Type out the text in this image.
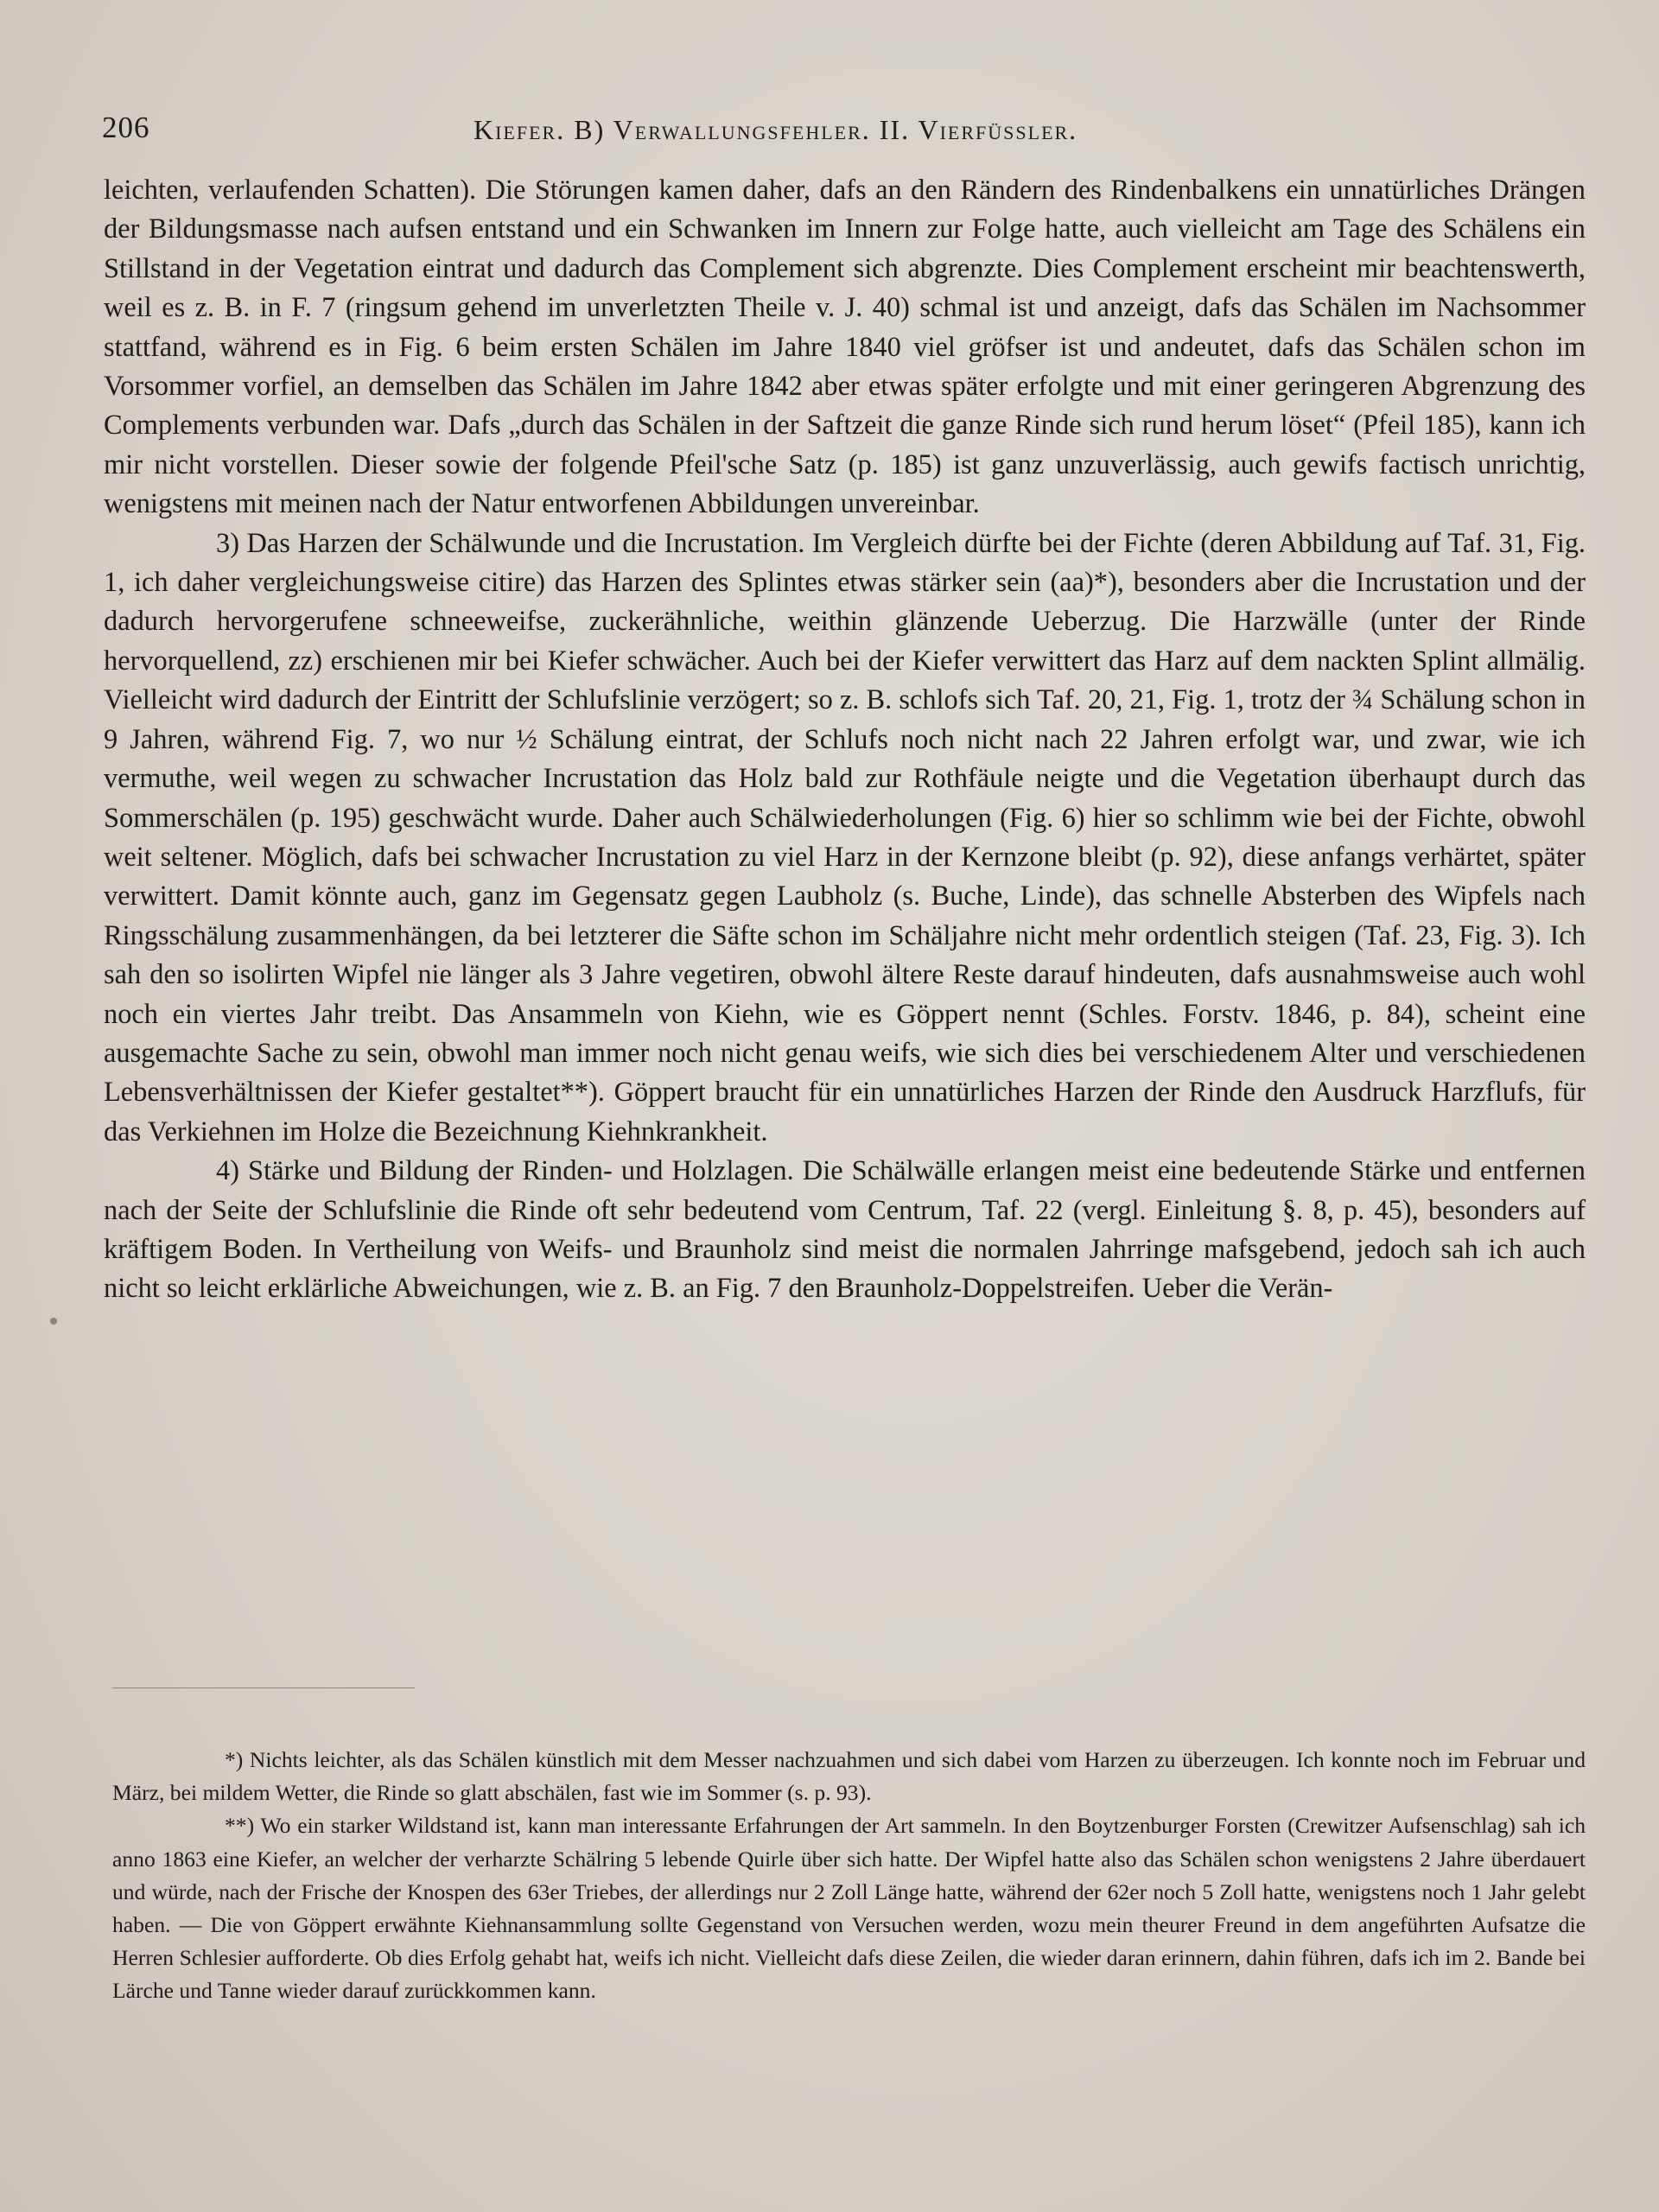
206	Kiefer. B) Verwallungsfehler. II. Vierfüssler.

leichten, verlaufenden Schatten). Die Störungen kamen daher, dafs an den Rändern des Rindenbalkens ein unnatürliches Drängen der Bildungsmasse nach aufsen entstand und ein Schwanken im Innern zur Folge hatte, auch vielleicht am Tage des Schälens ein Stillstand in der Vegetation eintrat und dadurch das Complement sich abgrenzte. Dies Complement erscheint mir beachtenswerth, weil es z. B. in F. 7 (ringsum gehend im unverletzten Theile v. J. 40) schmal ist und anzeigt, dafs das Schälen im Nachsommer stattfand, während es in Fig. 6 beim ersten Schälen im Jahre 1840 viel gröfser ist und andeutet, dafs das Schälen schon im Vorsommer vorfiel, an demselben das Schälen im Jahre 1842 aber etwas später erfolgte und mit einer geringeren Abgrenzung des Complements verbunden war. Dafs „durch das Schälen in der Saftzeit die ganze Rinde sich rund herum löset“ (Pfeil 185), kann ich mir nicht vorstellen. Dieser sowie der folgende Pfeil'sche Satz (p. 185) ist ganz unzuverlässig, auch gewifs factisch unrichtig, wenigstens mit meinen nach der Natur entworfenen Abbildungen unvereinbar.

3) Das Harzen der Schälwunde und die Incrustation. Im Vergleich dürfte bei der Fichte (deren Abbildung auf Taf. 31, Fig. 1, ich daher vergleichungsweise citire) das Harzen des Splintes etwas stärker sein (aa)*), besonders aber die Incrustation und der dadurch hervorgerufene schneeweifse, zuckerähnliche, weithin glänzende Ueberzug. Die Harzwälle (unter der Rinde hervorquellend, zz) erschienen mir bei Kiefer schwächer. Auch bei der Kiefer verwittert das Harz auf dem nackten Splint allmälig. Vielleicht wird dadurch der Eintritt der Schlufslinie verzögert; so z. B. schlofs sich Taf. 20, 21, Fig. 1, trotz der ¾ Schälung schon in 9 Jahren, während Fig. 7, wo nur ½ Schälung eintrat, der Schlufs noch nicht nach 22 Jahren erfolgt war, und zwar, wie ich vermuthe, weil wegen zu schwacher Incrustation das Holz bald zur Rothfäule neigte und die Vegetation überhaupt durch das Sommerschälen (p. 195) geschwächt wurde. Daher auch Schälwiederholungen (Fig. 6) hier so schlimm wie bei der Fichte, obwohl weit seltener. Möglich, dafs bei schwacher Incrustation zu viel Harz in der Kernzone bleibt (p. 92), diese anfangs verhärtet, später verwittert. Damit könnte auch, ganz im Gegensatz gegen Laubholz (s. Buche, Linde), das schnelle Absterben des Wipfels nach Ringsschälung zusammenhängen, da bei letzterer die Säfte schon im Schäljahre nicht mehr ordentlich steigen (Taf. 23, Fig. 3). Ich sah den so isolirten Wipfel nie länger als 3 Jahre vegetiren, obwohl ältere Reste darauf hindeuten, dafs ausnahmsweise auch wohl noch ein viertes Jahr treibt. Das Ansammeln von Kiehn, wie es Göppert nennt (Schles. Forstv. 1846, p. 84), scheint eine ausgemachte Sache zu sein, obwohl man immer noch nicht genau weifs, wie sich dies bei verschiedenem Alter und verschiedenen Lebensverhältnissen der Kiefer gestaltet**). Göppert braucht für ein unnatürliches Harzen der Rinde den Ausdruck Harzflufs, für das Verkiehnen im Holze die Bezeichnung Kiehnkrankheit.

4) Stärke und Bildung der Rinden- und Holzlagen. Die Schälwälle erlangen meist eine bedeutende Stärke und entfernen nach der Seite der Schlufslinie die Rinde oft sehr bedeutend vom Centrum, Taf. 22 (vergl. Einleitung §. 8, p. 45), besonders auf kräftigem Boden. In Vertheilung von Weifs- und Braunholz sind meist die normalen Jahrringe mafsgebend, jedoch sah ich auch nicht so leicht erklärliche Abweichungen, wie z. B. an Fig. 7 den Braunholz-Doppelstreifen. Ueber die Verän-

*) Nichts leichter, als das Schälen künstlich mit dem Messer nachzuahmen und sich dabei vom Harzen zu überzeugen. Ich konnte noch im Februar und März, bei mildem Wetter, die Rinde so glatt abschälen, fast wie im Sommer (s. p. 93).

**) Wo ein starker Wildstand ist, kann man interessante Erfahrungen der Art sammeln. In den Boytzenburger Forsten (Crewitzer Aufsenschlag) sah ich anno 1863 eine Kiefer, an welcher der verharzte Schälring 5 lebende Quirle über sich hatte. Der Wipfel hatte also das Schälen schon wenigstens 2 Jahre überdauert und würde, nach der Frische der Knospen des 63er Triebes, der allerdings nur 2 Zoll Länge hatte, während der 62er noch 5 Zoll hatte, wenigstens noch 1 Jahr gelebt haben. — Die von Göppert erwähnte Kiehnansammlung sollte Gegenstand von Versuchen werden, wozu mein theurer Freund in dem angeführten Aufsatze die Herren Schlesier aufforderte. Ob dies Erfolg gehabt hat, weifs ich nicht. Vielleicht dafs diese Zeilen, die wieder daran erinnern, dahin führen, dafs ich im 2. Bande bei Lärche und Tanne wieder darauf zurückkommen kann.
